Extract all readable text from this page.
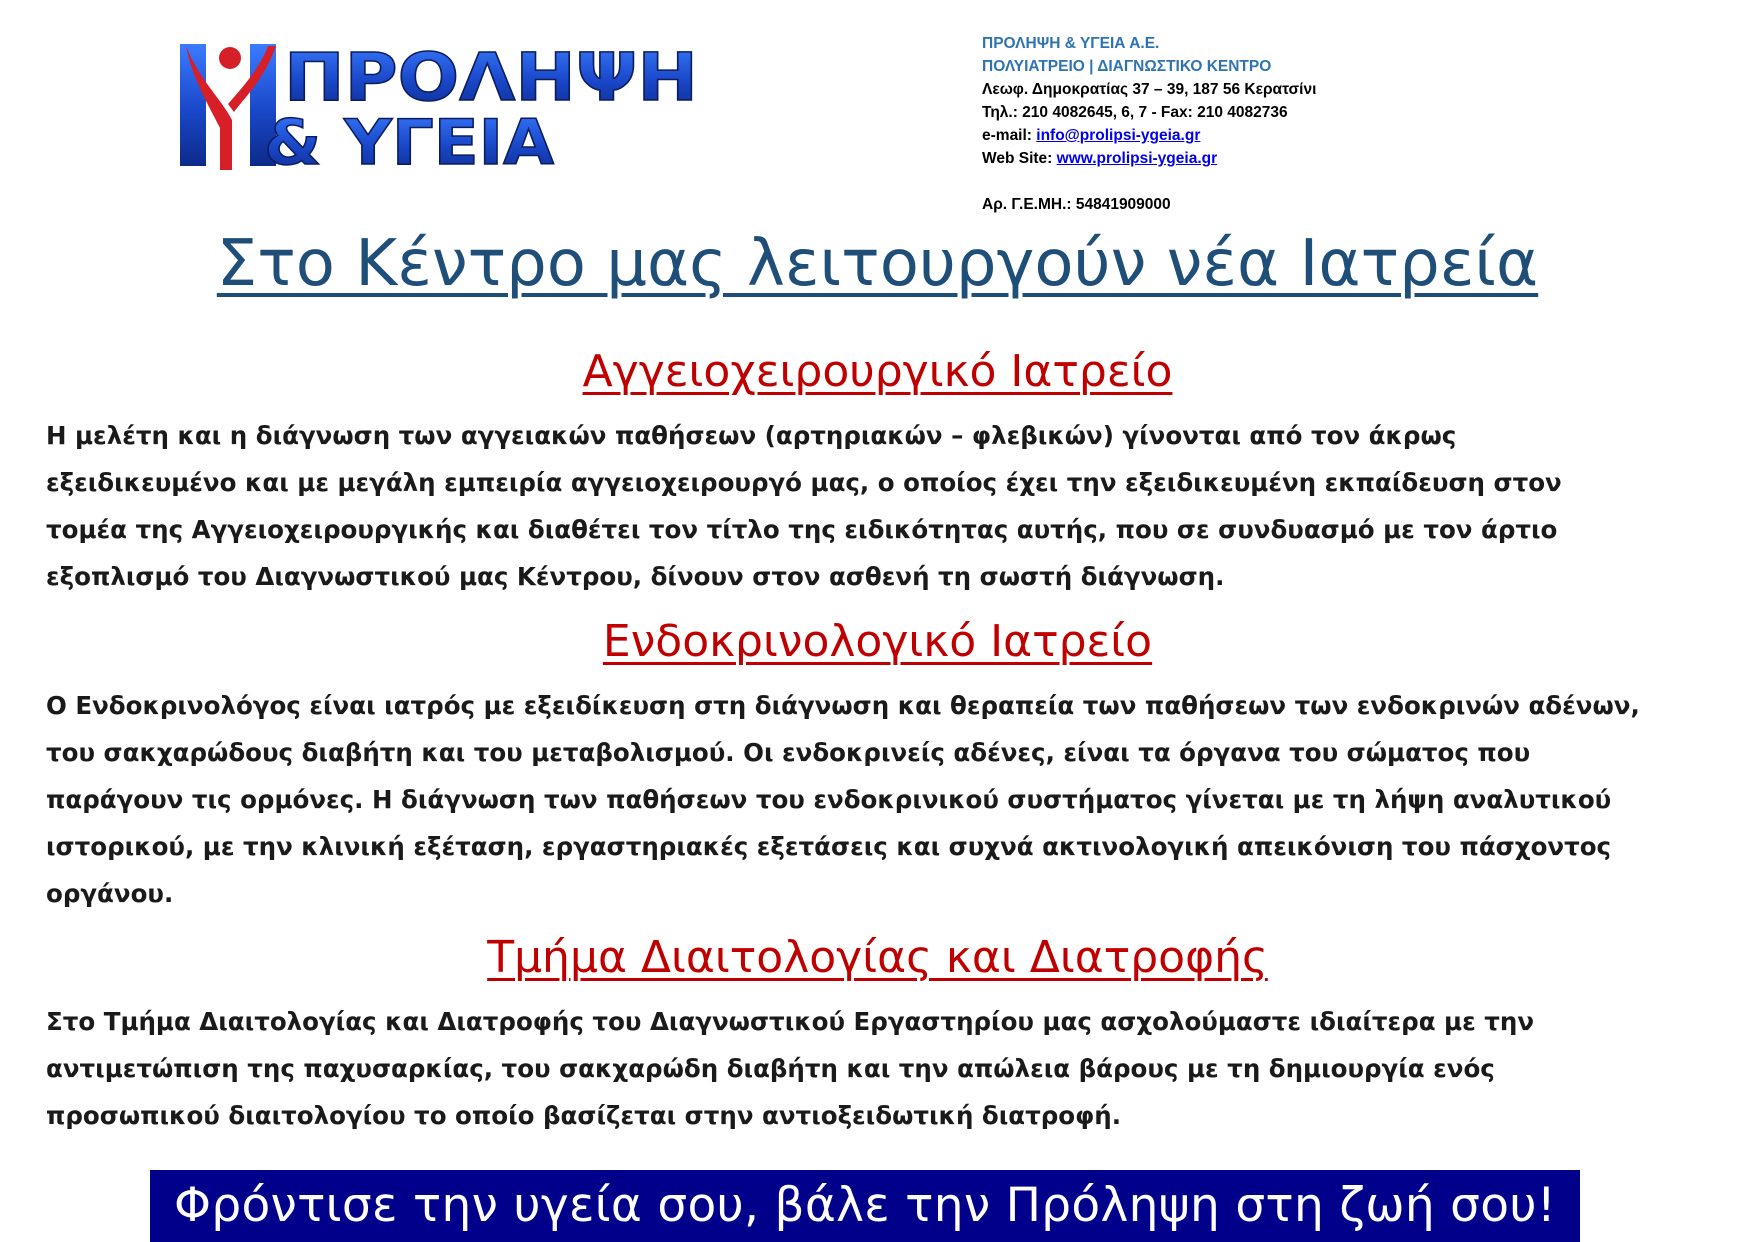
ΠΡΟΛΗΨΗ
& ΥΓΕΙΑ
ΠΡΟΛΗΨΗ & ΥΓΕΙΑ Α.Ε.
ΠΟΛΥΙΑΤΡΕΙΟ | ΔΙΑΓΝΩΣΤΙΚΟ ΚΕΝΤΡΟ
Λεωφ. Δημοκρατίας 37 – 39, 187 56 Κερατσίνι
Τηλ.: 210 4082645, 6, 7 - Fax: 210 4082736
e-mail: info@prolipsi-ygeia.gr
Web Site: www.prolipsi-ygeia.gr
Αρ. Γ.Ε.ΜΗ.: 54841909000
Στο Κέντρο μας λειτουργούν νέα Ιατρεία
Αγγειοχειρουργικό Ιατρείο
Η μελέτη και η διάγνωση των αγγειακών παθήσεων (αρτηριακών – φλεβικών) γίνονται από τον άκρως
εξειδικευμένο και με μεγάλη εμπειρία αγγειοχειρουργό μας, ο οποίος έχει την εξειδικευμένη εκπαίδευση στον
τομέα της Αγγειοχειρουργικής και διαθέτει τον τίτλο της ειδικότητας αυτής, που σε συνδυασμό με τον άρτιο
εξοπλισμό του Διαγνωστικού μας Κέντρου, δίνουν στον ασθενή τη σωστή διάγνωση.
Ενδοκρινολογικό Ιατρείο
Ο Ενδοκρινολόγος είναι ιατρός με εξειδίκευση στη διάγνωση και θεραπεία των παθήσεων των ενδοκρινών αδένων,
του σακχαρώδους διαβήτη και του μεταβολισμού. Οι ενδοκρινείς αδένες, είναι τα όργανα του σώματος που
παράγουν τις ορμόνες. Η διάγνωση των παθήσεων του ενδοκρινικού συστήματος γίνεται με τη λήψη αναλυτικού
ιστορικού, με την κλινική εξέταση, εργαστηριακές εξετάσεις και συχνά ακτινολογική απεικόνιση του πάσχοντος
οργάνου.
Τμήμα Διαιτολογίας και Διατροφής
Στο Τμήμα Διαιτολογίας και Διατροφής του Διαγνωστικού Εργαστηρίου μας ασχολούμαστε ιδιαίτερα με την
αντιμετώπιση της παχυσαρκίας, του σακχαρώδη διαβήτη και την απώλεια βάρους με τη δημιουργία ενός
προσωπικού διαιτολογίου το οποίο βασίζεται στην αντιοξειδωτική διατροφή.
Φρόντισε την υγεία σου, βάλε την Πρόληψη στη ζωή σου!
